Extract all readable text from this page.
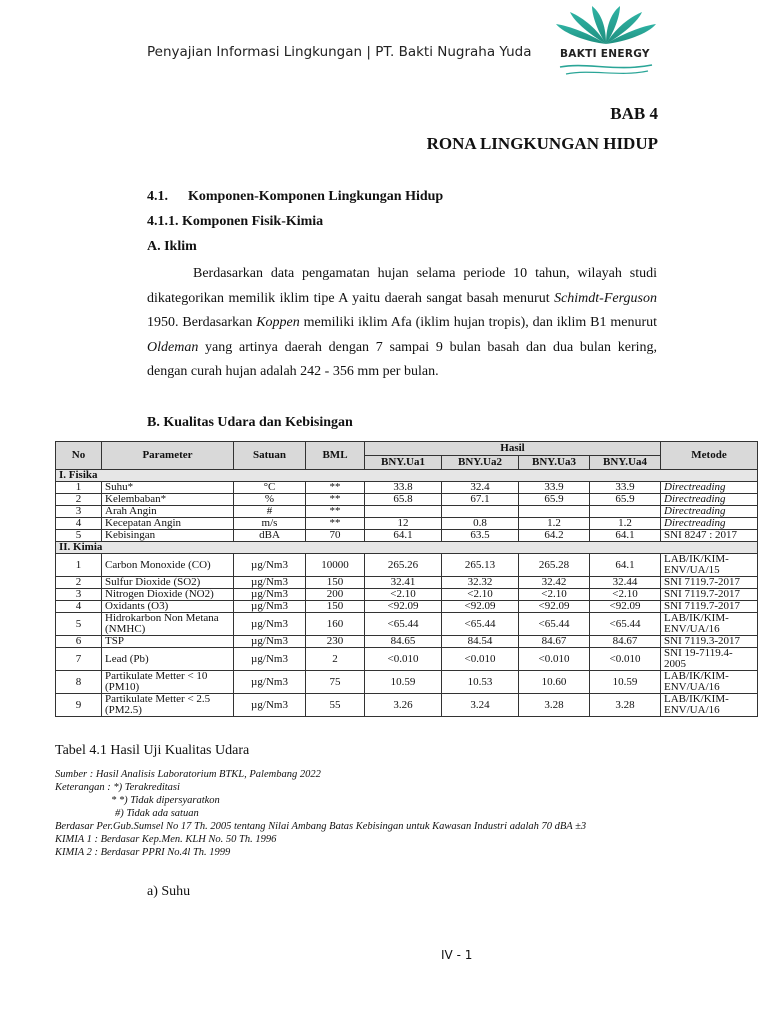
Penyajian Informasi Lingkungan | PT. Bakti Nugraha Yuda	BAKTI ENERGY
BAB 4
RONA LINGKUNGAN HIDUP
4.1. Komponen-Komponen Lingkungan Hidup
4.1.1. Komponen Fisik-Kimia
A. Iklim

Berdasarkan data pengamatan hujan selama periode 10 tahun, wilayah studi dikategorikan memilik iklim tipe A yaitu daerah sangat basah menurut Schimdt-Ferguson 1950. Berdasarkan Koppen memiliki iklim Afa (iklim hujan tropis), dan iklim B1 menurut Oldeman yang artinya daerah dengan 7 sampai 9 bulan basah dan dua bulan kering, dengan curah hujan adalah 242 - 356 mm per bulan.

B. Kualitas Udara dan Kebisingan
No	Parameter	Satuan	BML	Hasil				Metode
				BNY.Ua1	BNY.Ua2	BNY.Ua3	BNY.Ua4	
I. Fisika								
1	Suhu*	°C	**	33.8	32.4	33.9	33.9	Directreading
2	Kelembaban*	%	**	65.8	67.1	65.9	65.9	Directreading
3	Arah Angin	#	**					Directreading
4	Kecepatan Angin	m/s	**	12	0.8	1.2	1.2	Directreading
5	Kebisingan	dBA	70	64.1	63.5	64.2	64.1	SNI 8247 : 2017
II. Kimia								
1	Carbon Monoxide (CO)	µg/Nm3	10000	265.26	265.13	265.28	64.1	LAB/IK/KIM-ENV/UA/15
2	Sulfur Dioxide (SO2)	µg/Nm3	150	32.41	32.32	32.42	32.44	SNI 7119.7-2017
3	Nitrogen Dioxide (NO2)	µg/Nm3	200	<2.10	<2.10	<2.10	<2.10	SNI 7119.7-2017
4	Oxidants (O3)	µg/Nm3	150	<92.09	<92.09	<92.09	<92.09	SNI 7119.7-2017
5	Hidrokarbon Non Metana (NMHC)	µg/Nm3	160	<65.44	<65.44	<65.44	<65.44	LAB/IK/KIM-ENV/UA/16
6	TSP	µg/Nm3	230	84.65	84.54	84.67	84.67	SNI 7119.3-2017
7	Lead (Pb)	µg/Nm3	2	<0.010	<0.010	<0.010	<0.010	SNI 19-7119.4-2005
8	Partikulate Metter < 10 (PM10)	µg/Nm3	75	10.59	10.53	10.60	10.59	LAB/IK/KIM-ENV/UA/16
9	Partikulate Metter < 2.5 (PM2.5)	µg/Nm3	55	3.26	3.24	3.28	3.28	LAB/IK/KIM-ENV/UA/16
Tabel 4.1 Hasil Uji Kualitas Udara
Sumber : Hasil Analisis Laboratorium BTKL, Palembang 2022
Keterangan : *) Terakreditasi
* *) Tidak dipersyaratkon
#) Tidak ada satuan
Berdasar Per.Gub.Sumsel No 17 Th. 2005 tentang Nilai Ambang Batas Kebisingan untuk Kawasan Industri adalah 70 dBA ±3
KIMIA 1 : Berdasar Kep.Men. KLH No. 50 Th. 1996
KIMIA 2 : Berdasar PPRI No.4l Th. 1999
a) Suhu
IV - 1
